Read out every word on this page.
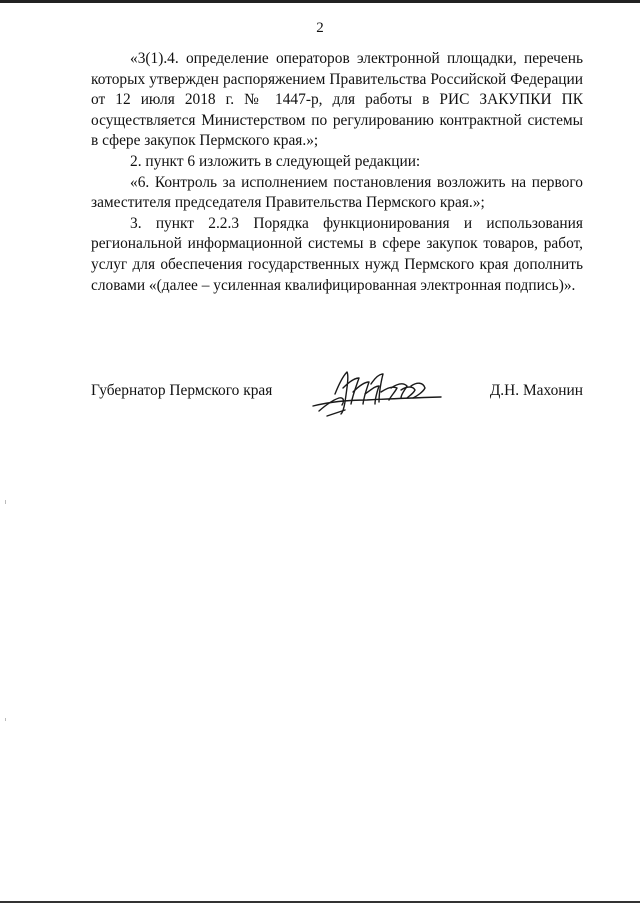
2

«3(1).4. определение операторов электронной площадки, перечень которых утвержден распоряжением Правительства Российской Федерации от 12 июля 2018 г. № 1447-р, для работы в РИС ЗАКУПКИ ПК осуществляется Министерством по регулированию контрактной системы в сфере закупок Пермского края.»;

2. пункт 6 изложить в следующей редакции:

«6. Контроль за исполнением постановления возложить на первого заместителя председателя Правительства Пермского края.»;

3. пункт 2.2.3 Порядка функционирования и использования региональной информационной системы в сфере закупок товаров, работ, услуг для обеспечения государственных нужд Пермского края дополнить словами «(далее – усиленная квалифицированная электронная подпись)».

Губернатор Пермского края	Д.Н. Махонин
